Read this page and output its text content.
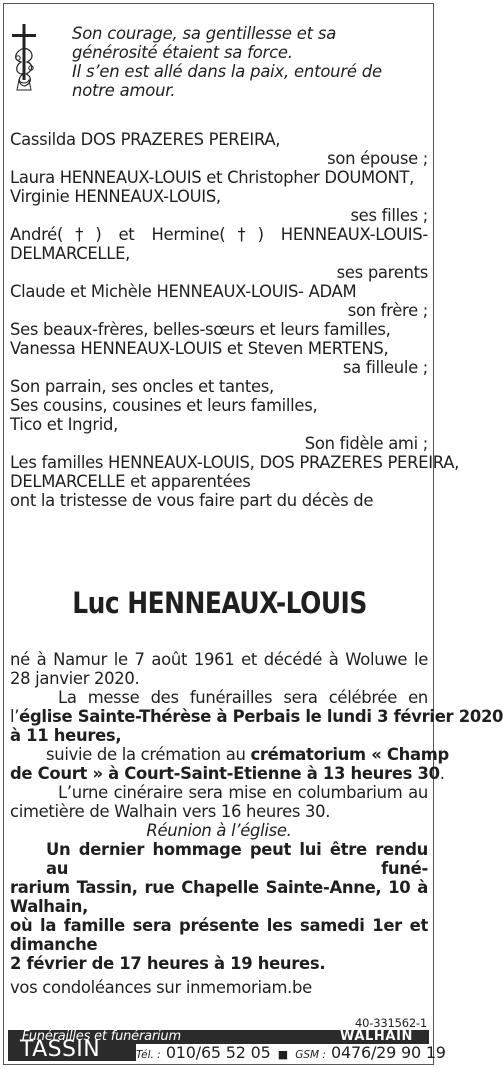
Son courage, sa gentillesse et sa
générosité étaient sa force.
Il s’en est allé dans la paix, entouré de
notre amour.
Cassilda DOS PRAZERES PEREIRA,
son épouse ;
Laura HENNEAUX-LOUIS et Christopher DOUMONT,
Virginie HENNEAUX-LOUIS,
ses filles ;
André(†) et Hermine(†) HENNEAUX-LOUIS-
DELMARCELLE,
ses parents
Claude et Michèle HENNEAUX-LOUIS- ADAM
son frère ;
Ses beaux-frères, belles-sœurs et leurs familles,
Vanessa HENNEAUX-LOUIS et Steven MERTENS,
sa filleule ;
Son parrain, ses oncles et tantes,
Ses cousins, cousines et leurs familles,
Tico et Ingrid,
Son fidèle ami ;
Les familles HENNEAUX-LOUIS, DOS PRAZERES PEREIRA,
DELMARCELLE et apparentées
ont la tristesse de vous faire part du décès de
Luc HENNEAUX-LOUIS
né à Namur le 7 août 1961 et décédé à Woluwe le
28 janvier 2020.
La messe des funérailles sera célébrée en
l’église Sainte-Thérèse à Perbais le lundi 3 février 2020
à 11 heures,
suivie de la crémation au crématorium « Champ
de Court » à Court-Saint-Etienne à 13 heures 30.
L’urne cinéraire sera mise en columbarium au
cimetière de Walhain vers 16 heures 30.
Réunion à l’église.
Un dernier hommage peut lui être rendu au funé-
rarium Tassin, rue Chapelle Sainte-Anne, 10 à Walhain,
où la famille sera présente les samedi 1er et dimanche
2 février de 17 heures à 19 heures.
vos condoléances sur inmemoriam.be
40-331562-1
Funérailles et funérarium	WALHAIN
TASSIN	Tél. : 010/65 52 05 ■ GSM : 0476/29 90 19
